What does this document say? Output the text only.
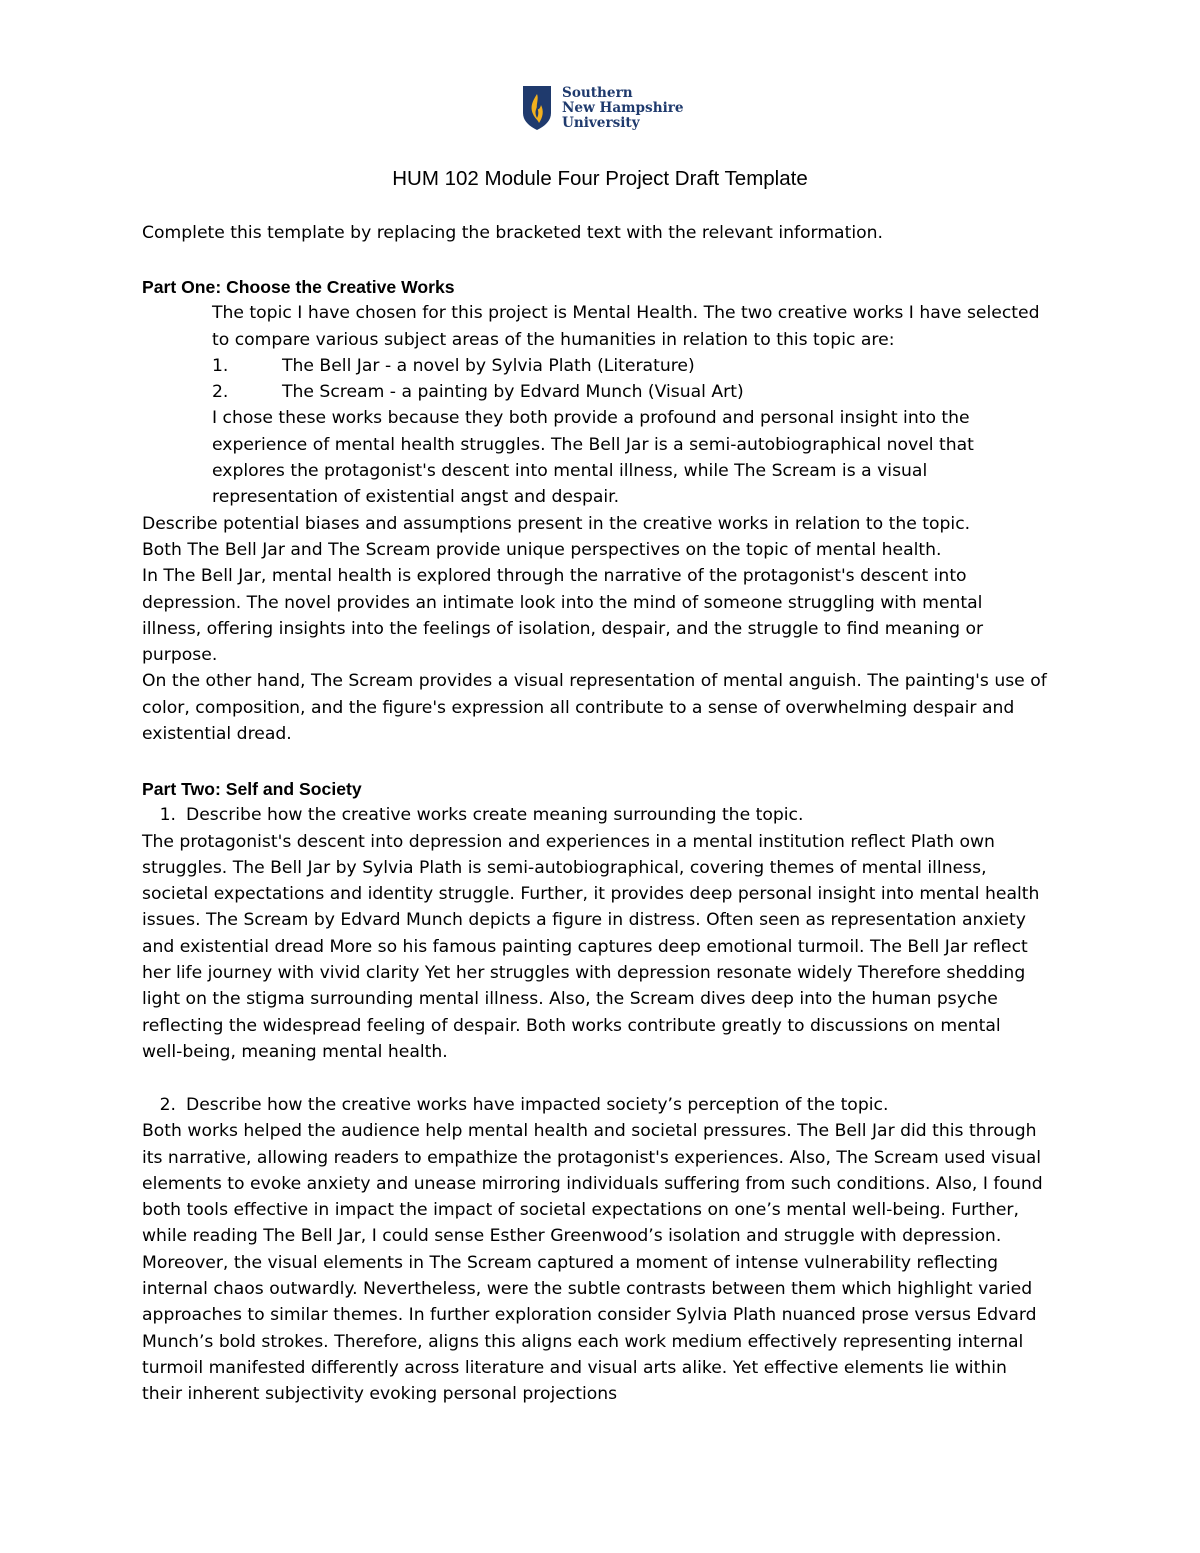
Southern
New Hampshire
University
HUM 102 Module Four Project Draft Template
Complete this template by replacing the bracketed text with the relevant information.
Part One: Choose the Creative Works
The topic I have chosen for this project is Mental Health. The two creative works I have selected
to compare various subject areas of the humanities in relation to this topic are:
1.	The Bell Jar - a novel by Sylvia Plath (Literature)
2.	The Scream - a painting by Edvard Munch (Visual Art)
I chose these works because they both provide a profound and personal insight into the
experience of mental health struggles. The Bell Jar is a semi-autobiographical novel that
explores the protagonist's descent into mental illness, while The Scream is a visual
representation of existential angst and despair.
Describe potential biases and assumptions present in the creative works in relation to the topic.
Both The Bell Jar and The Scream provide unique perspectives on the topic of mental health.
In The Bell Jar, mental health is explored through the narrative of the protagonist's descent into
depression. The novel provides an intimate look into the mind of someone struggling with mental
illness, offering insights into the feelings of isolation, despair, and the struggle to find meaning or
purpose.
On the other hand, The Scream provides a visual representation of mental anguish. The painting's use of
color, composition, and the figure's expression all contribute to a sense of overwhelming despair and
existential dread.
Part Two: Self and Society
1. Describe how the creative works create meaning surrounding the topic.
The protagonist's descent into depression and experiences in a mental institution reflect Plath own
struggles. The Bell Jar by Sylvia Plath is semi-autobiographical, covering themes of mental illness,
societal expectations and identity struggle. Further, it provides deep personal insight into mental health
issues. The Scream by Edvard Munch depicts a figure in distress. Often seen as representation anxiety
and existential dread More so his famous painting captures deep emotional turmoil. The Bell Jar reflect
her life journey with vivid clarity Yet her struggles with depression resonate widely Therefore shedding
light on the stigma surrounding mental illness. Also, the Scream dives deep into the human psyche
reflecting the widespread feeling of despair. Both works contribute greatly to discussions on mental
well-being, meaning mental health.
2. Describe how the creative works have impacted society’s perception of the topic.
Both works helped the audience help mental health and societal pressures. The Bell Jar did this through
its narrative, allowing readers to empathize the protagonist's experiences. Also, The Scream used visual
elements to evoke anxiety and unease mirroring individuals suffering from such conditions. Also, I found
both tools effective in impact the impact of societal expectations on one’s mental well-being. Further,
while reading The Bell Jar, I could sense Esther Greenwood’s isolation and struggle with depression.
Moreover, the visual elements in The Scream captured a moment of intense vulnerability reflecting
internal chaos outwardly. Nevertheless, were the subtle contrasts between them which highlight varied
approaches to similar themes. In further exploration consider Sylvia Plath nuanced prose versus Edvard
Munch’s bold strokes. Therefore, aligns this aligns each work medium effectively representing internal
turmoil manifested differently across literature and visual arts alike. Yet effective elements lie within
their inherent subjectivity evoking personal projections
